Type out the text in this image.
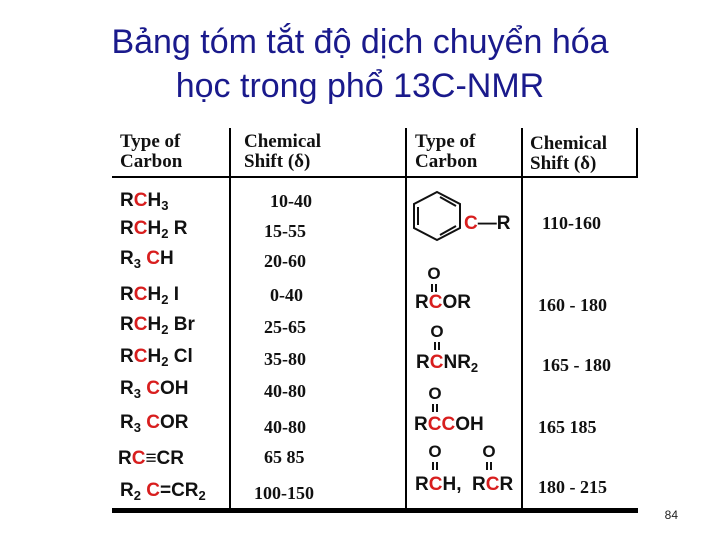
Bảng tóm tắt độ dịch chuyển hóa
học trong phổ 13C-NMR
Type of
Carbon
Chemical
Shift (δ)
Type of
Carbon
Chemical
Shift (δ)
$RCH_3$
$RCH_2$ R
$R_3$ CH
$RCH_2$ I
$RCH_2$ Br
$RCH_2$ Cl
$R_3$ COH
$R_3$ COR
RC≡CR
$R_2$ $C=CR_2$
10-40
15-55
20-60
0-40
25-65
35-80
40-80
40-80
65 85
100-150
C—R
O
RCOR
O
$RCNR_2$
O
RCCOH
O O
RCH,  RCR
110-160
160 - 180
165 - 180
165 185
180 - 215
84
